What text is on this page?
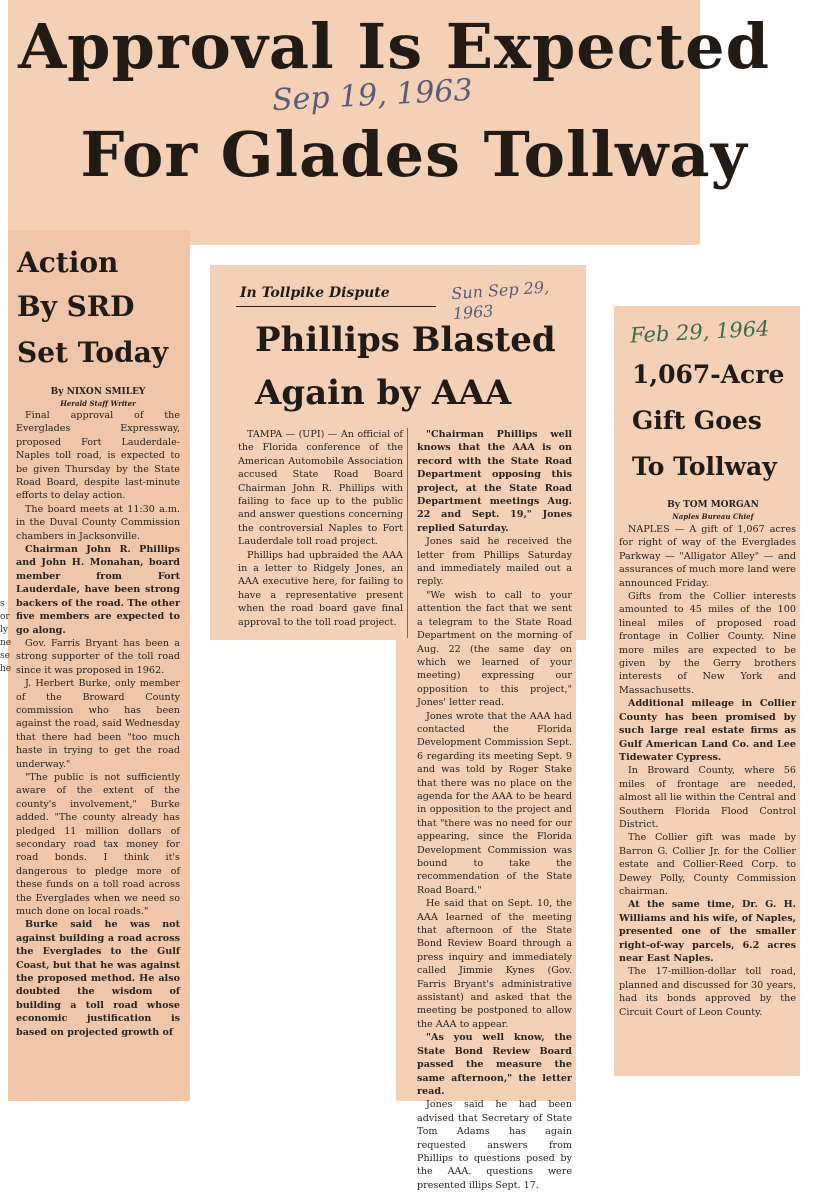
Approval Is Expected
For Glades Tollway
Sep 19, 1963
Action
By SRD
Set Today
By NIXON SMILEY
Herald Staff Writer

Final approval of the Everglades Expressway, proposed Fort Lauderdale-Naples toll road, is expected to be given Thursday by the State Road Board, despite last-minute efforts to delay action.

The board meets at 11:30 a.m. in the Duval County Commission chambers in Jacksonville.

Chairman John R. Phillips and John H. Monahan, board member from Fort Lauderdale, have been strong backers of the road. The other five members are expected to go along.

Gov. Farris Bryant has been a strong supporter of the toll road since it was proposed in 1962.

J. Herbert Burke, only member of the Broward County commission who has been against the road, said Wednesday that there had been "too much haste in trying to get the road underway."

"The public is not sufficiently aware of the extent of the county's involvement," Burke added. "The county already has pledged 11 million dollars of secondary road tax money for road bonds. I think it's dangerous to pledge more of these funds on a toll road across the Everglades when we need so much done on local roads."

Burke said he was not against building a road across the Everglades to the Gulf Coast, but that he was against the proposed method. He also doubted the wisdom of building a toll road whose economic justification is based on projected growth of

s
or
ly
ne
se
he
In Tollpike Dispute	Sun Sep 29, 1963
Phillips Blasted
Again by AAA

TAMPA — (UPI) — An official of the Florida conference of the American Automobile Association accused State Road Board Chairman John R. Phillips with failing to face up to the public and answer questions concerning the controversial Naples to Fort Lauderdale toll road project.

Phillips had upbraided the AAA in a letter to Ridgely Jones, an AAA executive here, for failing to have a representative present when the road board gave final approval to the toll road project.

"Chairman Phillips well knows that the AAA is on record with the State Road Department opposing this project, at the State Road Department meetings Aug. 22 and Sept. 19," Jones replied Saturday.

Jones said he received the letter from Phillips Saturday and immediately mailed out a reply.

"We wish to call to your attention the fact that we sent a telegram to the State Road Department on the morning of Aug. 22 (the same day on which we learned of your meeting) expressing our opposition to this project," Jones' letter read.

Jones wrote that the AAA had contacted the Florida Development Commission Sept. 6 regarding its meeting Sept. 9 and was told by Roger Stake that there was no place on the agenda for the AAA to be heard in opposition to the project and that "there was no need for our appearing, since the Florida Development Commission was bound to take the recommendation of the State Road Board."

He said that on Sept. 10, the AAA learned of the meeting that afternoon of the State Bond Review Board through a press inquiry and immediately called Jimmie Kynes (Gov. Farris Bryant's administrative assistant) and asked that the meeting be postponed to allow the AAA to appear.

"As you well know, the State Bond Review Board passed the measure the same afternoon," the letter read.

Jones said he had been advised that Secretary of State Tom Adams has again requested answers from Phillips to questions posed by the AAA. questions were presented illips Sept. 17.

Feb 29, 1964
1,067-Acre
Gift Goes
To Tollway
By TOM MORGAN
Naples Bureau Chief

NAPLES — A gift of 1,067 acres for right of way of the Everglades Parkway — "Alligator Alley" — and assurances of much more land were announced Friday.

Gifts from the Collier interests amounted to 45 miles of the 100 lineal miles of proposed road frontage in Collier County. Nine more miles are expected to be given by the Gerry brothers interests of New York and Massachusetts.

Additional mileage in Collier County has been promised by such large real estate firms as Gulf American Land Co. and Lee Tidewater Cypress.

In Broward County, where 56 miles of frontage are needed, almost all lie within the Central and Southern Florida Flood Control District.

The Collier gift was made by Barron G. Collier Jr. for the Collier estate and Collier-Reed Corp. to Dewey Polly, County Commission chairman.

At the same time, Dr. G. H. Williams and his wife, of Naples, presented one of the smaller right-of-way parcels, 6.2 acres near East Naples.

The 17-million-dollar toll road, planned and discussed for 30 years, had its bonds approved by the Circuit Court of Leon County.
